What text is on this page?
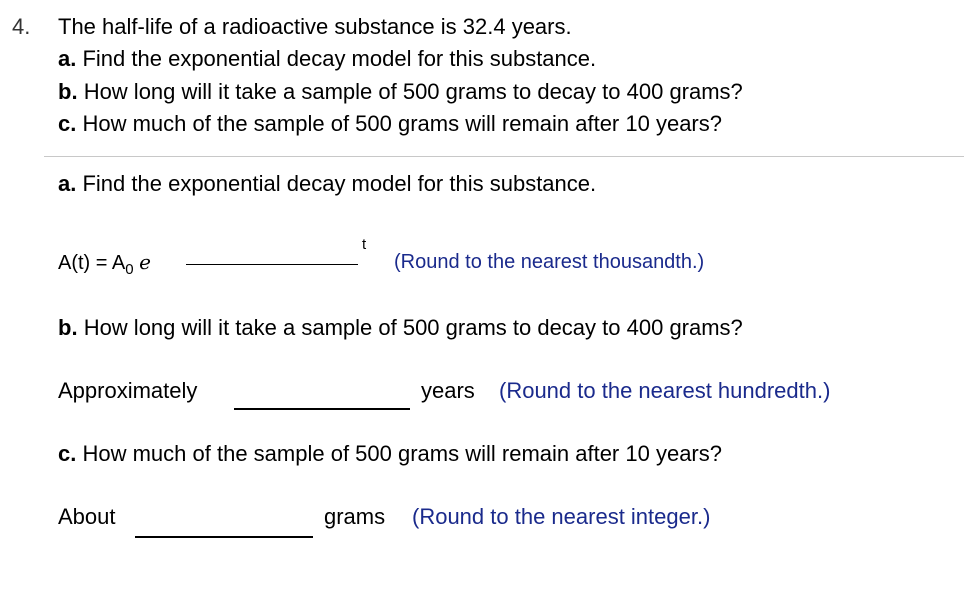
4. The half-life of a radioactive substance is 32.4 years.
a. Find the exponential decay model for this substance.
b. How long will it take a sample of 500 grams to decay to 400 grams?
c. How much of the sample of 500 grams will remain after 10 years?
a. Find the exponential decay model for this substance.
$A(t) = A_0$ e
t
(Round to the nearest thousandth.)
b. How long will it take a sample of 500 grams to decay to 400 grams?
Approximately	years (Round to the nearest hundredth.)
c. How much of the sample of 500 grams will remain after 10 years?
About	grams (Round to the nearest integer.)
